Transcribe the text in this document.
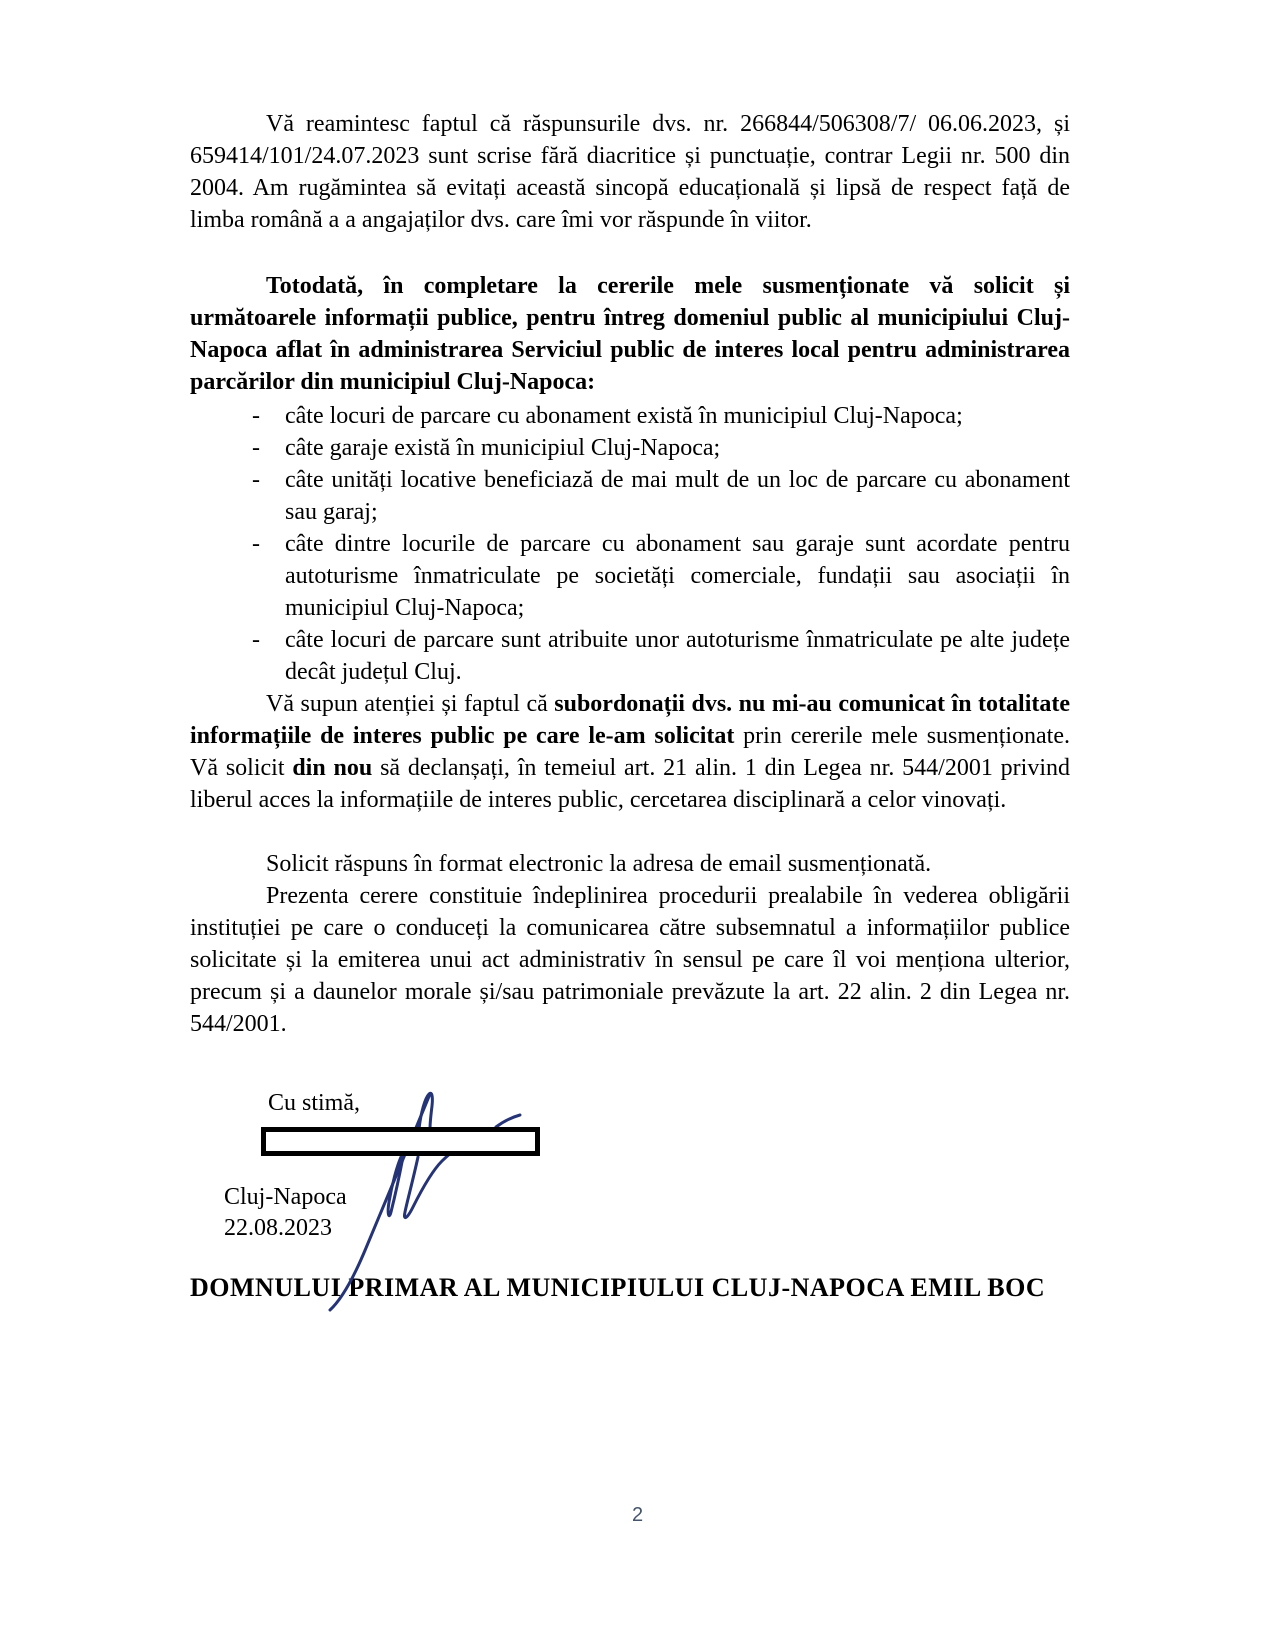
Vă reamintesc faptul că răspunsurile dvs. nr. 266844/506308/7/ 06.06.2023, și 659414/101/24.07.2023 sunt scrise fără diacritice și punctuație, contrar Legii nr. 500 din 2004. Am rugămintea să evitați această sincopă educațională și lipsă de respect față de limba română a a angajaților dvs. care îmi vor răspunde în viitor.

Totodată, în completare la cererile mele susmenționate vă solicit și următoarele informații publice, pentru întreg domeniul public al municipiului Cluj-Napoca aflat în administrarea Serviciul public de interes local pentru administrarea parcărilor din municipiul Cluj-Napoca:

- câte locuri de parcare cu abonament există în municipiul Cluj-Napoca;
- câte garaje există în municipiul Cluj-Napoca;
- câte unități locative beneficiază de mai mult de un loc de parcare cu abonament sau garaj;
- câte dintre locurile de parcare cu abonament sau garaje sunt acordate pentru autoturisme înmatriculate pe societăți comerciale, fundații sau asociații în municipiul Cluj-Napoca;
- câte locuri de parcare sunt atribuite unor autoturisme înmatriculate pe alte județe decât județul Cluj.

Vă supun atenției și faptul că subordonații dvs. nu mi-au comunicat în totalitate informațiile de interes public pe care le-am solicitat prin cererile mele susmenționate. Vă solicit din nou să declanșați, în temeiul art. 21 alin. 1 din Legea nr. 544/2001 privind liberul acces la informațiile de interes public, cercetarea disciplinară a celor vinovați.

Solicit răspuns în format electronic la adresa de email susmenționată.

Prezenta cerere constituie îndeplinirea procedurii prealabile în vederea obligării instituției pe care o conduceți la comunicarea către subsemnatul a informațiilor publice solicitate și la emiterea unui act administrativ în sensul pe care îl voi menționa ulterior, precum și a daunelor morale și/sau patrimoniale prevăzute la art. 22 alin. 2 din Legea nr. 544/2001.

Cu stimă,
Cluj-Napoca
22.08.2023

DOMNULUI PRIMAR AL MUNICIPIULUI CLUJ-NAPOCA EMIL BOC

2
